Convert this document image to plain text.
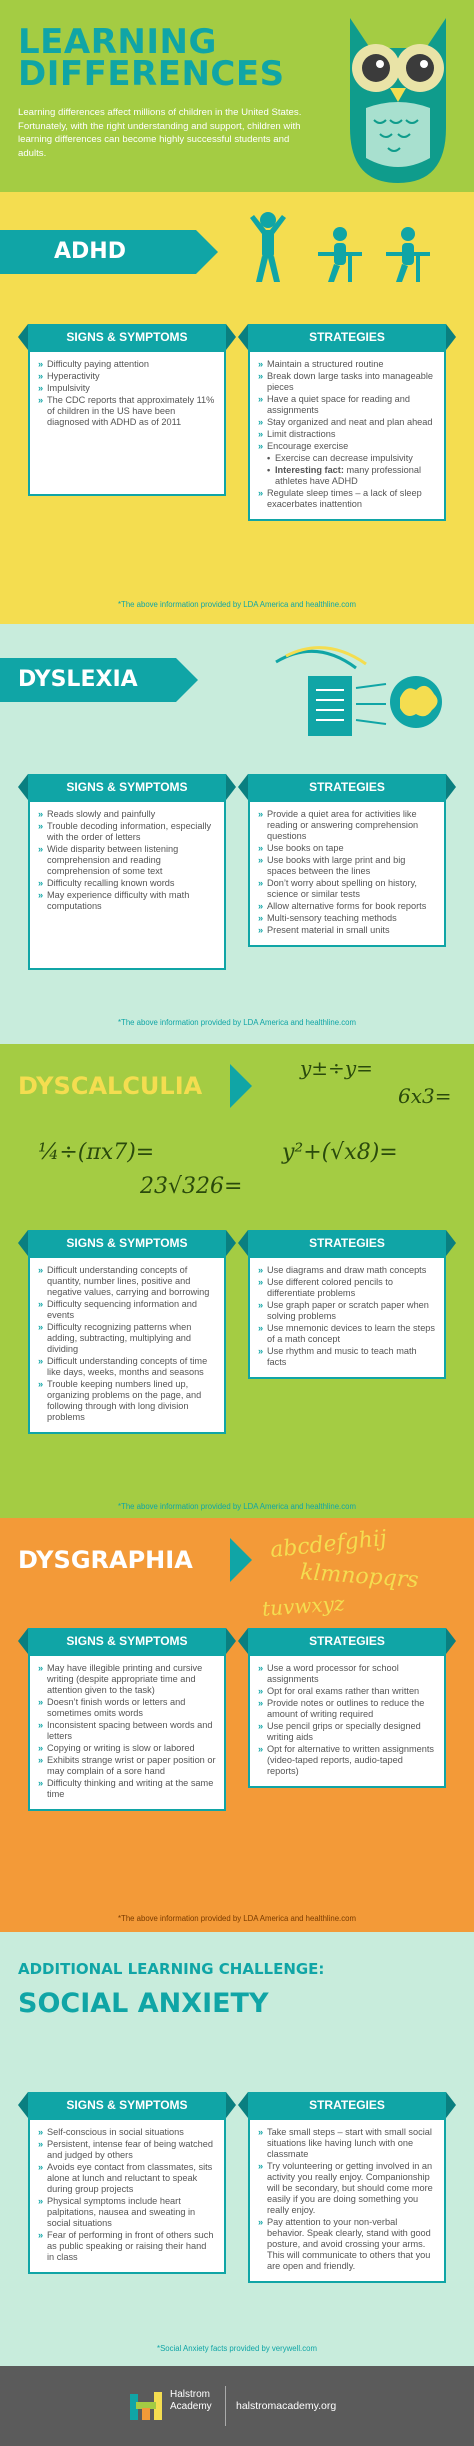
LEARNING
DIFFERENCES
Learning differences affect millions of children in the United States. Fortunately, with the right understanding and support, children with learning differences can become highly successful students and adults.
ADHD
SIGNS & SYMPTOMS
» Difficulty paying attention
» Hyperactivity
» Impulsivity
» The CDC reports that approximately 11% of children in the US have been diagnosed with ADHD as of 2011
STRATEGIES
» Maintain a structured routine
» Break down large tasks into manageable pieces
» Have a quiet space for reading and assignments
» Stay organized and neat and plan ahead
» Limit distractions
» Encourage exercise
• Exercise can decrease impulsivity
• Interesting fact: many professional athletes have ADHD
» Regulate sleep times – a lack of sleep exacerbates inattention
*The above information provided by LDA America and healthline.com
DYSLEXIA
SIGNS & SYMPTOMS
» Reads slowly and painfully
» Trouble decoding information, especially with the order of letters
» Wide disparity between listening comprehension and reading comprehension of some text
» Difficulty recalling known words
» May experience difficulty with math computations
STRATEGIES
» Provide a quiet area for activities like reading or answering comprehension questions
» Use books on tape
» Use books with large print and big spaces between the lines
» Don’t worry about spelling on history, science or similar tests
» Allow alternative forms for book reports
» Multi-sensory teaching methods
» Present material in small units
*The above information provided by LDA America and healthline.com
DYSCALCULIA
y±÷y=
6x3=
¼÷(πx7)=	y²+(√x8)=
23√326=
SIGNS & SYMPTOMS
» Difficult understanding concepts of quantity, number lines, positive and negative values, carrying and borrowing
» Difficulty sequencing information and events
» Difficulty recognizing patterns when adding, subtracting, multiplying and dividing
» Difficult understanding concepts of time like days, weeks, months and seasons
» Trouble keeping numbers lined up, organizing problems on the page, and following through with long division problems
STRATEGIES
» Use diagrams and draw math concepts
» Use different colored pencils to differentiate problems
» Use graph paper or scratch paper when solving problems
» Use mnemonic devices to learn the steps of a math concept
» Use rhythm and music to teach math facts
*The above information provided by LDA America and healthline.com
DYSGRAPHIA	abcdefghij
klmnopqrs
tuvwxyz
SIGNS & SYMPTOMS
» May have illegible printing and cursive writing (despite appropriate time and attention given to the task)
» Doesn’t finish words or letters and sometimes omits words
» Inconsistent spacing between words and letters
» Copying or writing is slow or labored
» Exhibits strange wrist or paper position or may complain of a sore hand
» Difficulty thinking and writing at the same time
STRATEGIES
» Use a word processor for school assignments
» Opt for oral exams rather than written
» Provide notes or outlines to reduce the amount of writing required
» Use pencil grips or specially designed writing aids
» Opt for alternative to written assignments (video-taped reports, audio-taped reports)
*The above information provided by LDA America and healthline.com
ADDITIONAL LEARNING CHALLENGE:
SOCIAL ANXIETY
SIGNS & SYMPTOMS
» Self-conscious in social situations
» Persistent, intense fear of being watched and judged by others
» Avoids eye contact from classmates, sits alone at lunch and reluctant to speak during group projects
» Physical symptoms include heart palpitations, nausea and sweating in social situations
» Fear of performing in front of others such as public speaking or raising their hand in class
STRATEGIES
» Take small steps – start with small social situations like having lunch with one classmate
» Try volunteering or getting involved in an activity you really enjoy. Companionship will be secondary, but should come more easily if you are doing something you really enjoy.
» Pay attention to your non-verbal behavior. Speak clearly, stand with good posture, and avoid crossing your arms. This will communicate to others that you are open and friendly.
*Social Anxiety facts provided by verywell.com
Halstrom
Academy halstromacademy.org
